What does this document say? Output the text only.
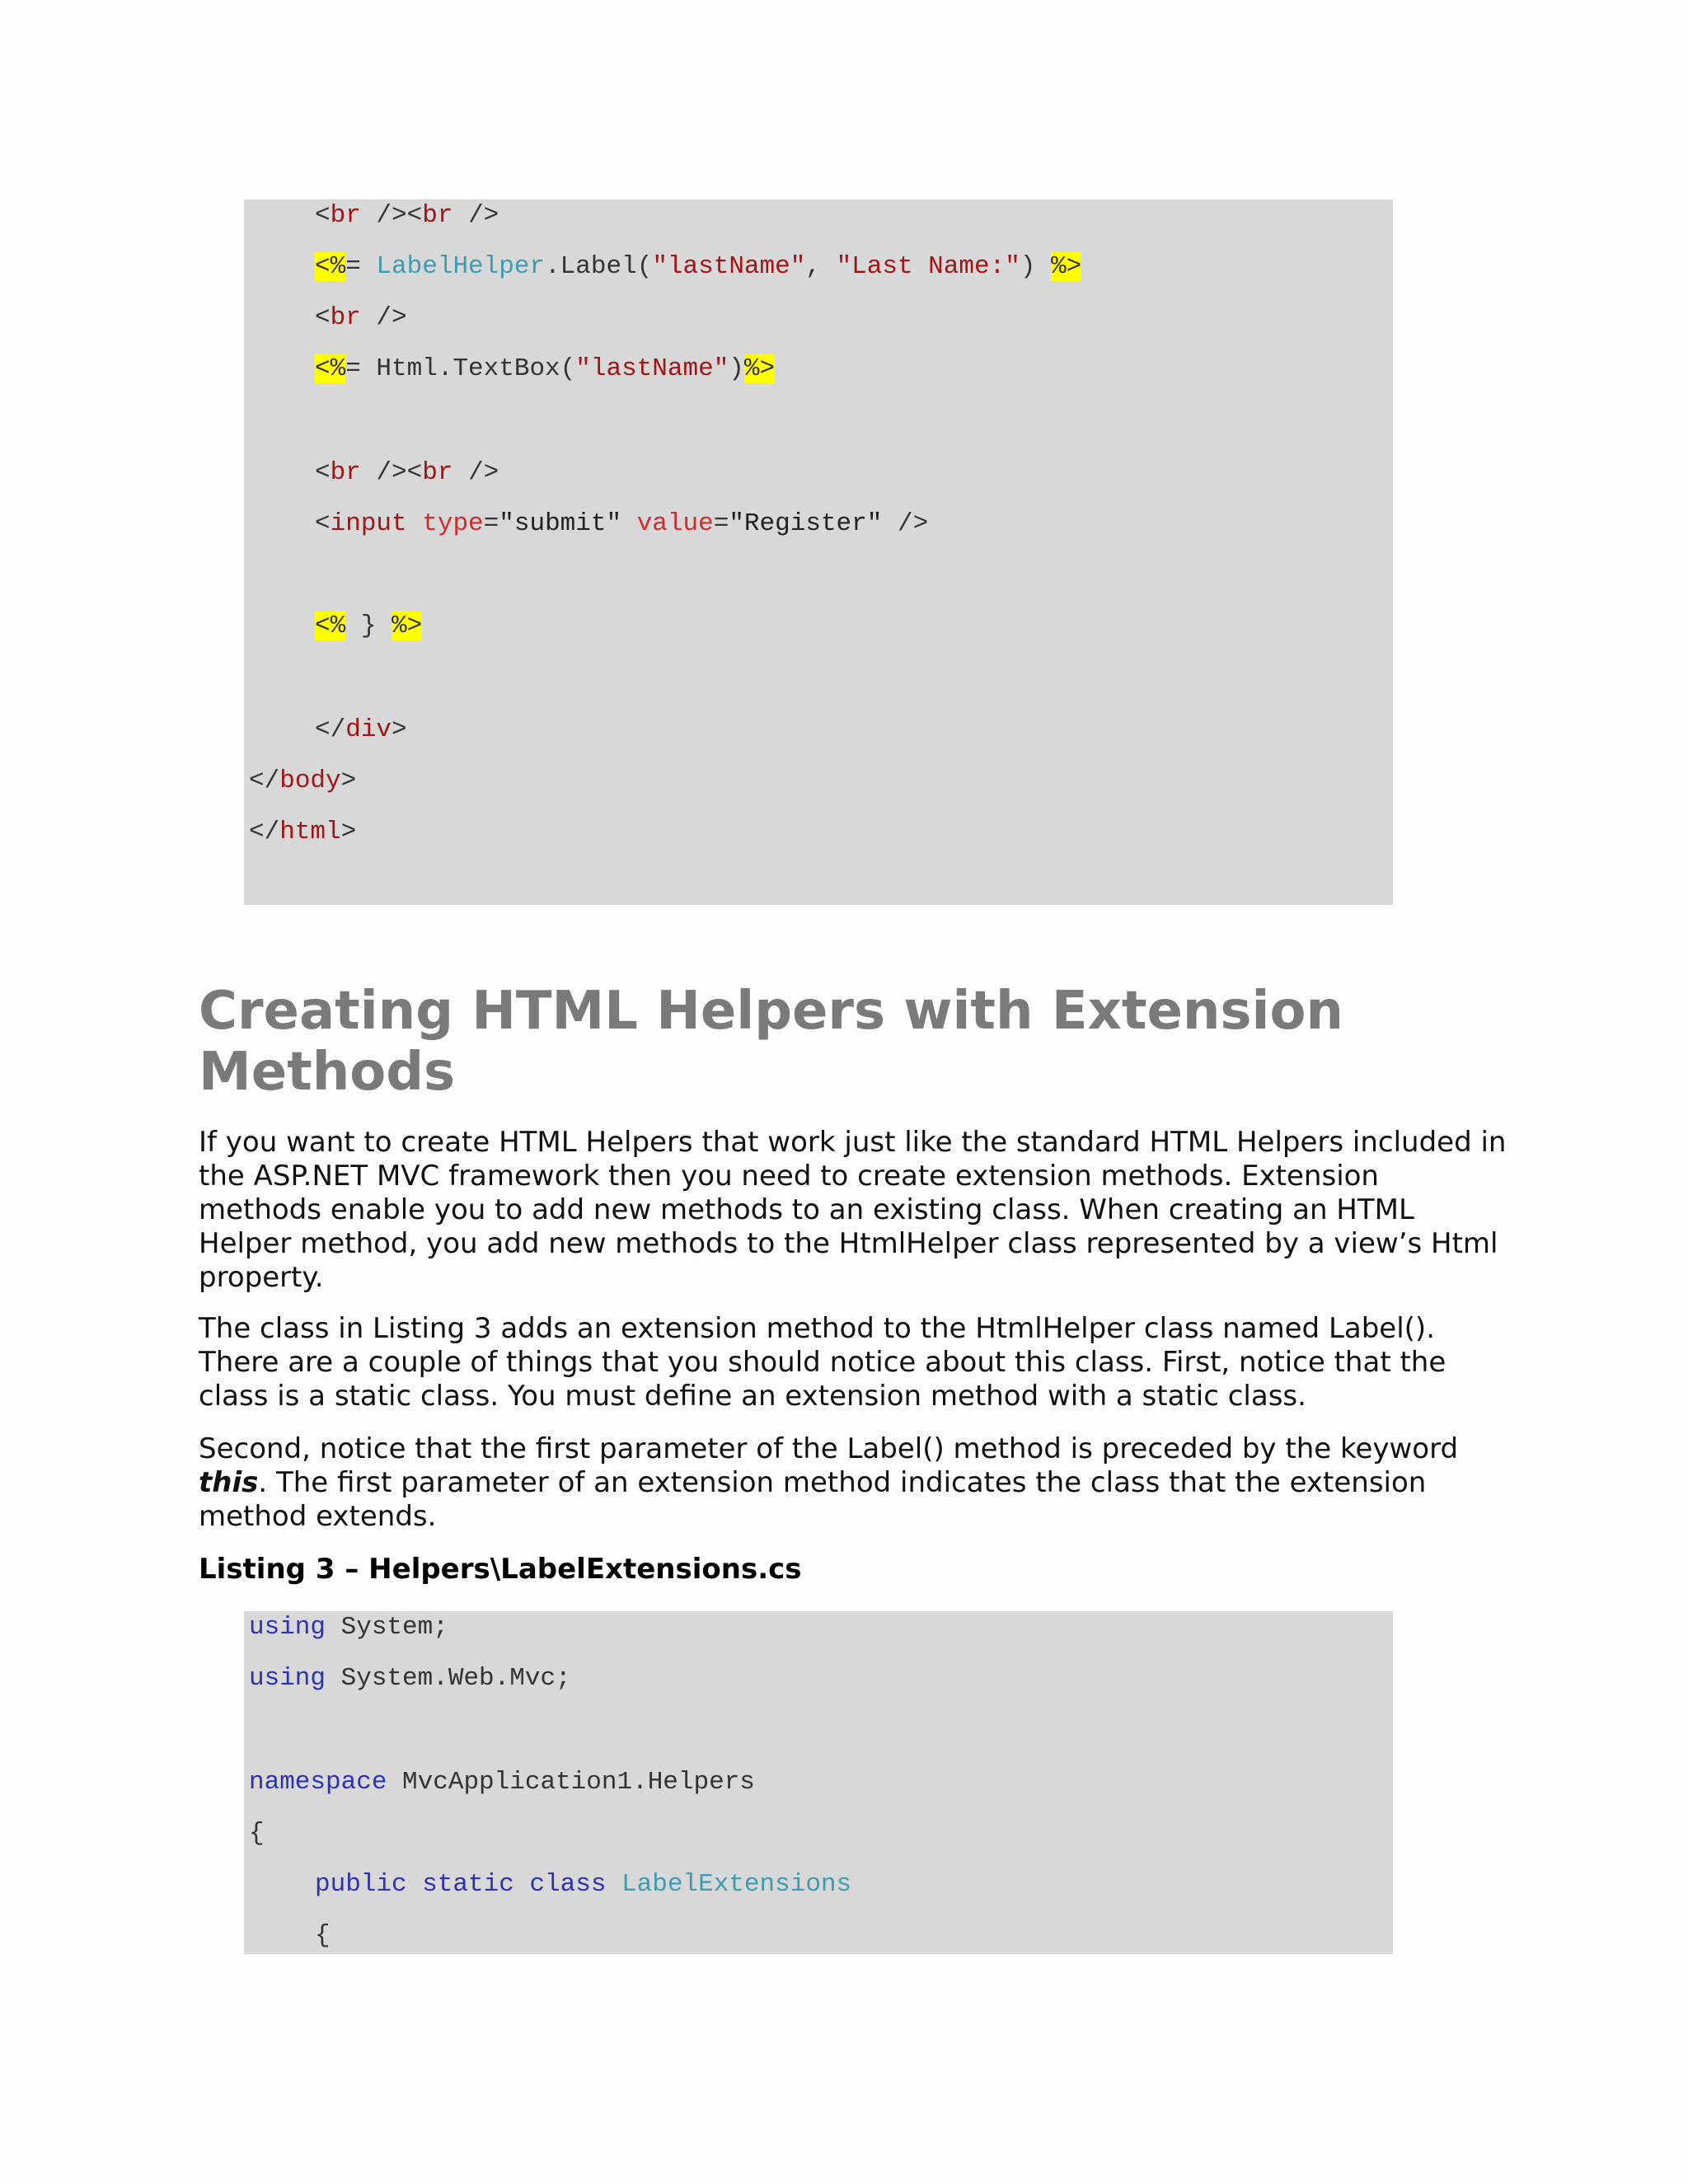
<br /><br />
<%= LabelHelper.Label("lastName", "Last Name:") %>
<br />
<%= Html.TextBox("lastName")%>
<br /><br />
<input type="submit" value="Register" />
<% } %>
</div>
</body>
</html>
Creating HTML Helpers with Extension
Methods

If you want to create HTML Helpers that work just like the standard HTML Helpers included in the ASP.NET MVC framework then you need to create extension methods. Extension methods enable you to add new methods to an existing class. When creating an HTML Helper method, you add new methods to the HtmlHelper class represented by a view’s Html property.

The class in Listing 3 adds an extension method to the HtmlHelper class named Label(). There are a couple of things that you should notice about this class. First, notice that the class is a static class. You must define an extension method with a static class.

Second, notice that the first parameter of the Label() method is preceded by the keyword this. The first parameter of an extension method indicates the class that the extension method extends.

Listing 3 – Helpers\LabelExtensions.cs

using System;
using System.Web.Mvc;
namespace MvcApplication1.Helpers
{
public static class LabelExtensions
{
